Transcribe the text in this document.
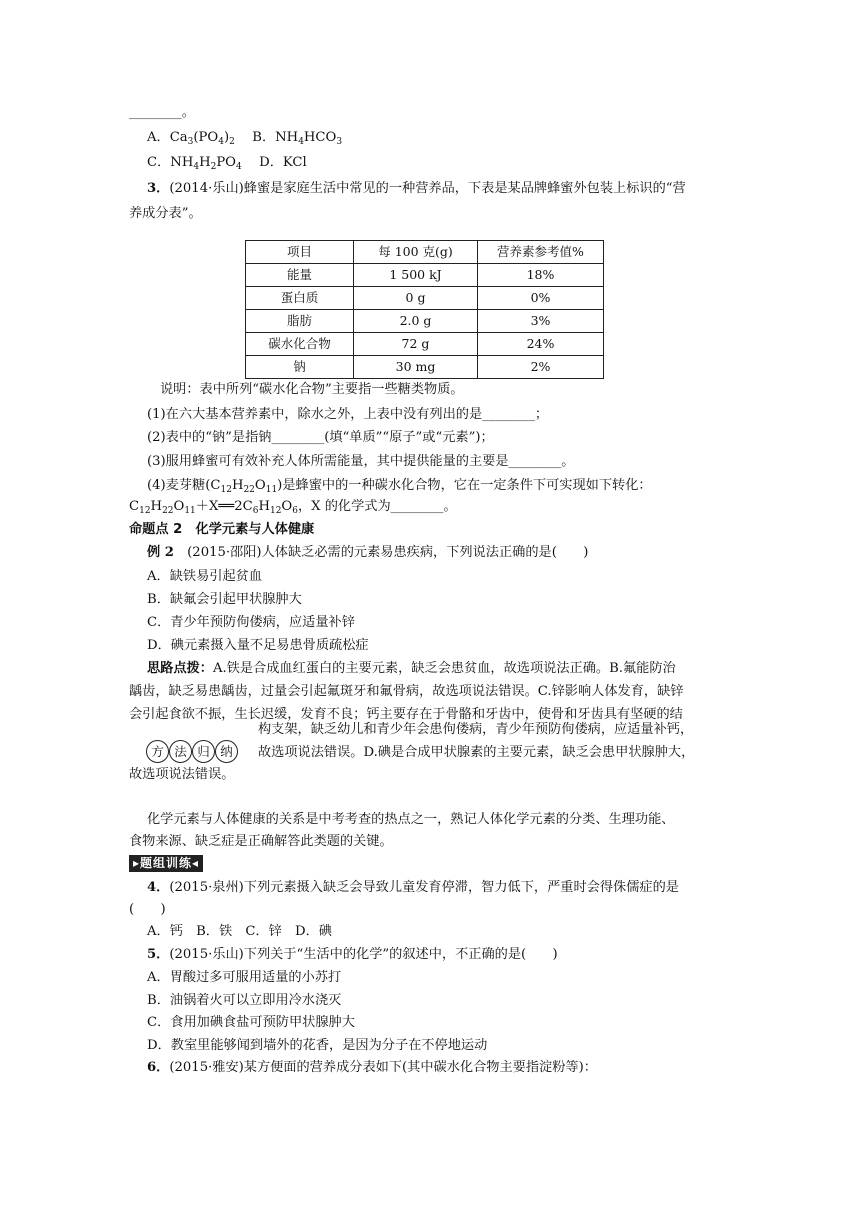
________。
A．$Ca_3(PO_4)_2$　 B．$NH_4HCO_3$
C．$NH_4H_2PO_4$　 D．KCl
3．(2014·乐山)蜂蜜是家庭生活中常见的一种营养品，下表是某品牌蜂蜜外包装上标识的“营
养成分表”。
项目	每 100 克(g)	营养素参考值%
能量	1 500 kJ	18%
蛋白质	0 g	0%
脂肪	2.0 g	3%
碳水化合物	72 g	24%
钠	30 mg	2%
说明：表中所列“碳水化合物”主要指一些糖类物质。
(1)在六大基本营养素中，除水之外，上表中没有列出的是________；
(2)表中的“钠”是指钠________(填“单质”“原子”或“元素”)；
(3)服用蜂蜜可有效补充人体所需能量，其中提供能量的主要是________。
(4)麦芽糖$(C_{12}H_{22}O_{11})$是蜂蜜中的一种碳水化合物，它在一定条件下可实现如下转化：
$C_{12}H_{22}O_{11}+X══2C_6H_{12}O_6$，X 的化学式为________。
命题点 2　化学元素与人体健康
例 2　 (2015·邵阳)人体缺乏必需的元素易患疾病，下列说法正确的是(　　)
A．缺铁易引起贫血
B．缺氟会引起甲状腺肿大
C．青少年预防佝偻病，应适量补锌
D．碘元素摄入量不足易患骨质疏松症
思路点拨：A.铁是合成血红蛋白的主要元素，缺乏会患贫血，故选项说法正确。B.氟能防治
龋齿，缺乏易患龋齿，过量会引起氟斑牙和氟骨病，故选项说法错误。C.锌影响人体发育，缺锌
会引起食欲不振，生长迟缓，发育不良；钙主要存在于骨骼和牙齿中，使骨和牙齿具有坚硬的结
构支架，缺乏幼儿和青少年会患佝偻病，青少年预防佝偻病，应适量补钙，
方 法 归 纳	故选项说法错误。D.碘是合成甲状腺素的主要元素，缺乏会患甲状腺肿大，
故选项说法错误。
化学元素与人体健康的关系是中考考查的热点之一，熟记人体化学元素的分类、生理功能、
食物来源、缺乏症是正确解答此类题的关键。
▸题组训练◂
4．(2015·泉州)下列元素摄入缺乏会导致儿童发育停滞，智力低下，严重时会得侏儒症的是
(　　)
A．钙　B．铁　C．锌　D．碘
5．(2015·乐山)下列关于“生活中的化学”的叙述中，不正确的是(　　)
A．胃酸过多可服用适量的小苏打
B．油锅着火可以立即用冷水浇灭
C．食用加碘食盐可预防甲状腺肿大
D．教室里能够闻到墙外的花香，是因为分子在不停地运动
6．(2015·雅安)某方便面的营养成分表如下(其中碳水化合物主要指淀粉等)：
